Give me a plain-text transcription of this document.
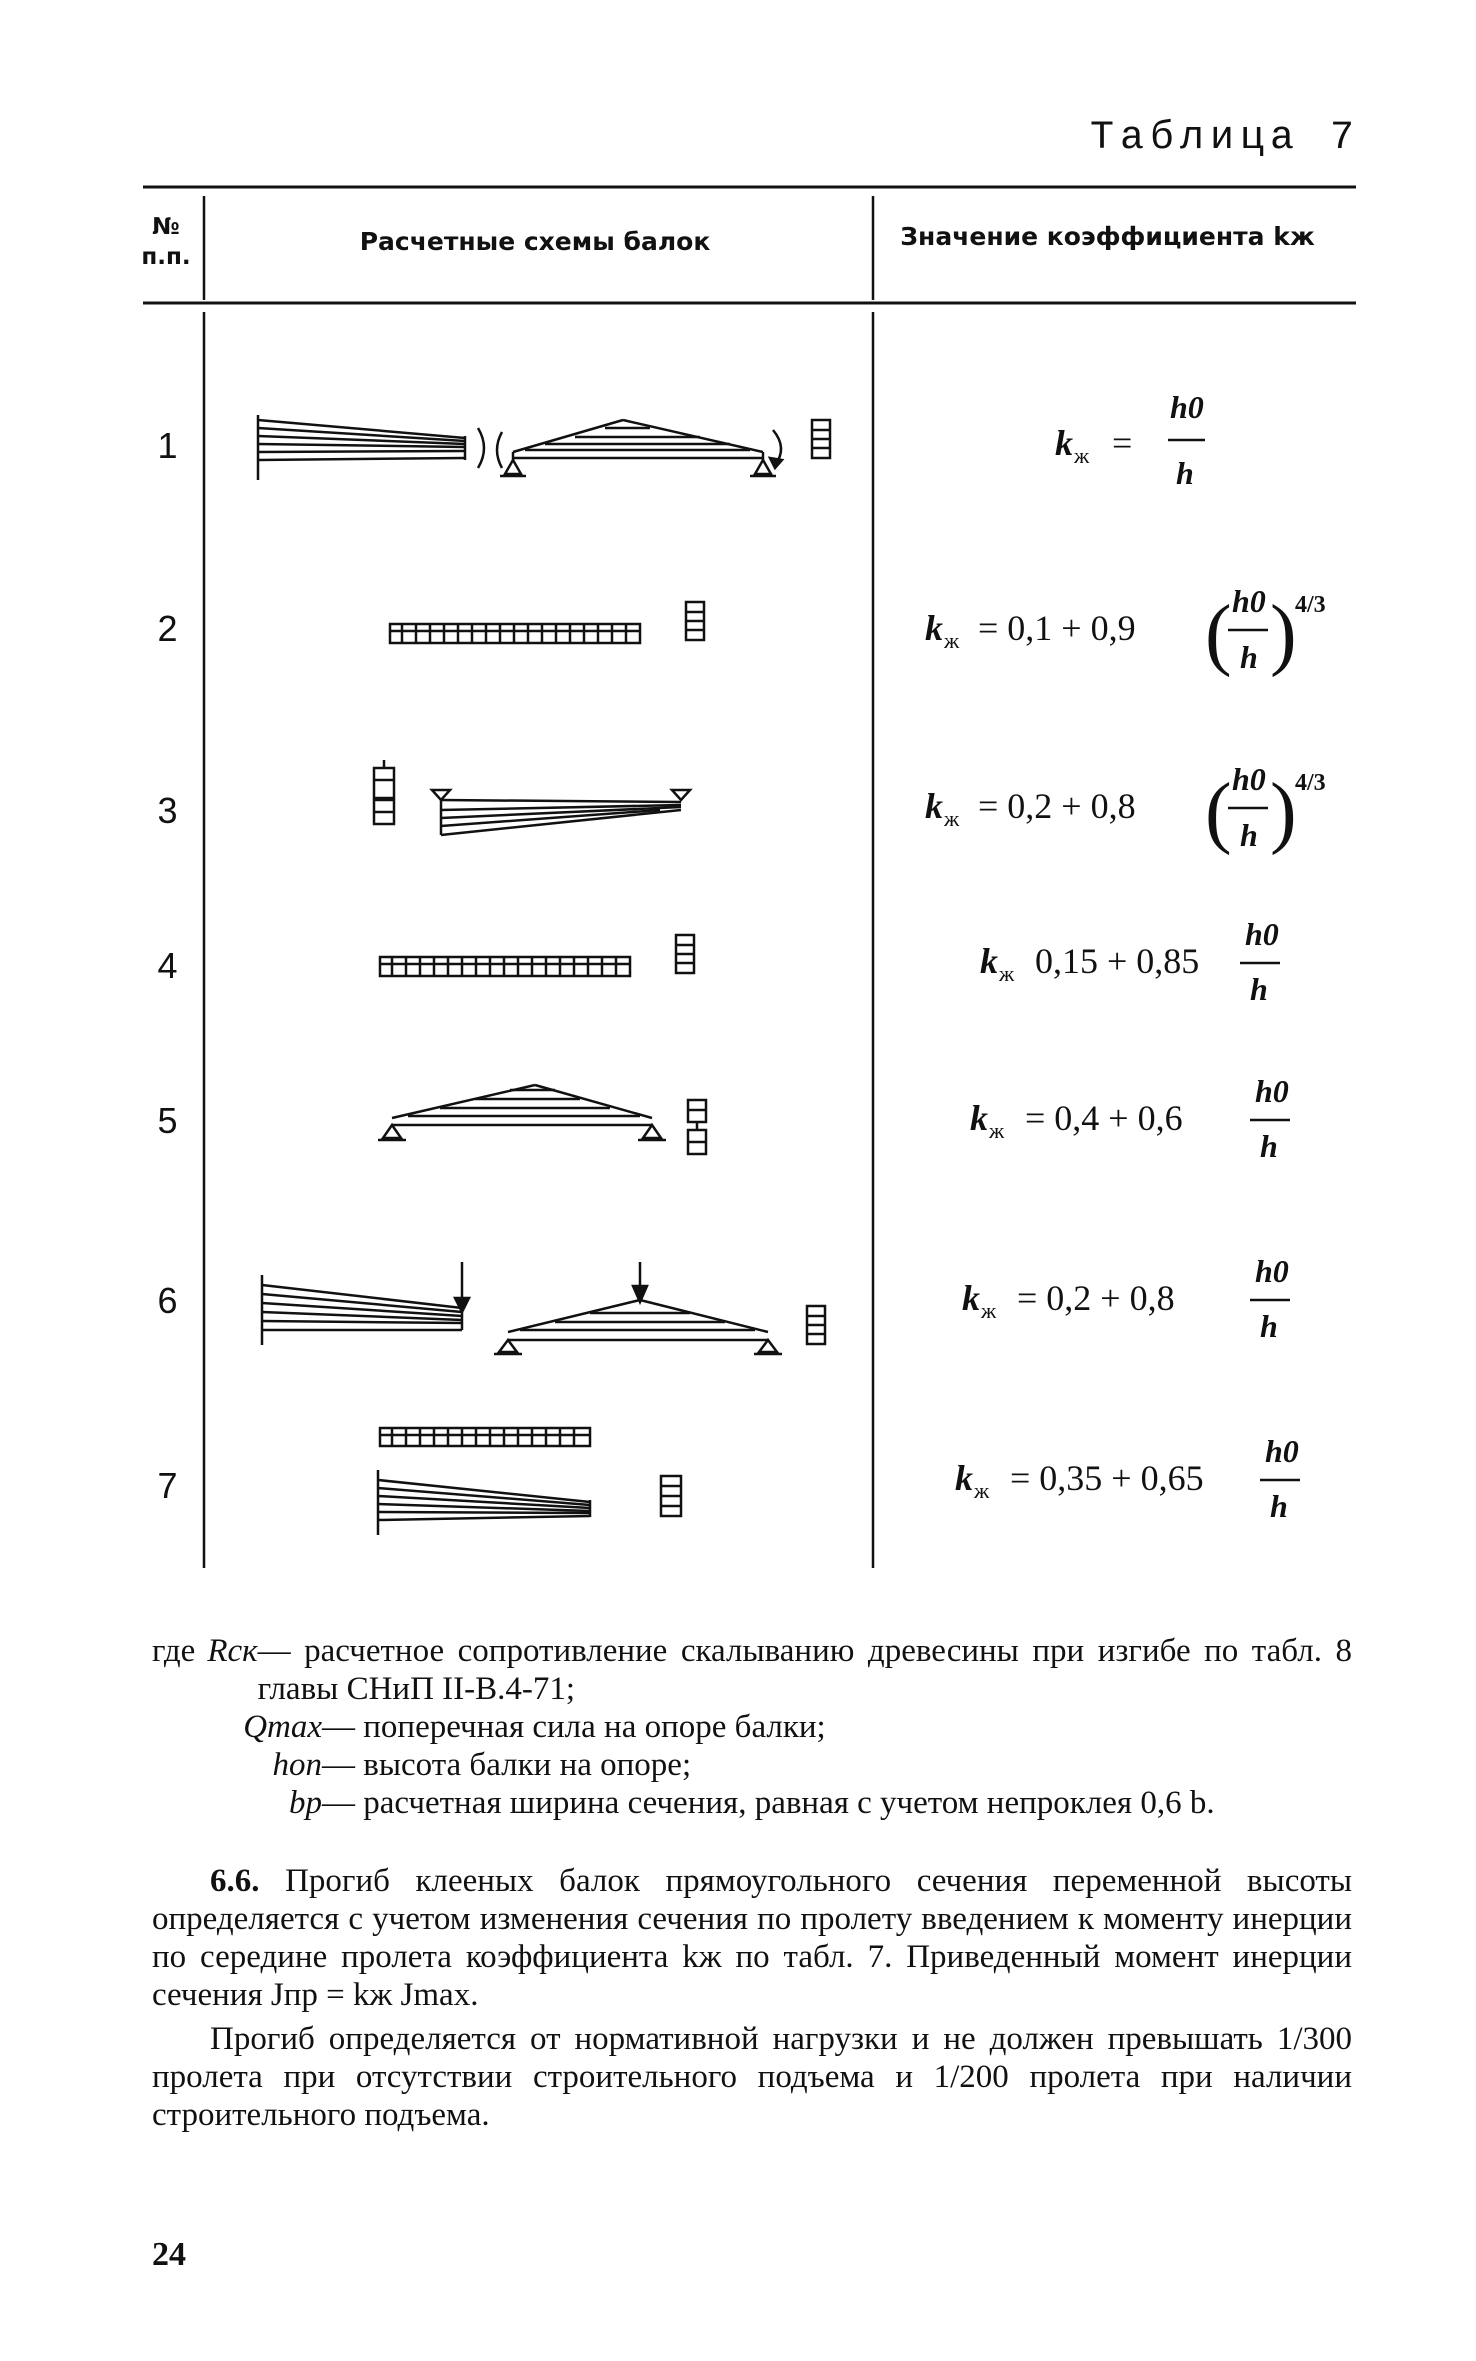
Таблица 7
№
п.п.
Расчетные схемы балок	Значение коэффициента kж
1
2
3
4
5
6
7
k ж =
h0
h
k ж = 0,1 + 0,9 ( h0
h )
4/3
k ж = 0,2 + 0,8 ( h0
h )
4/3
k ж 0,15 + 0,85
h0
h
k ж = 0,4 + 0,6
h0
h
k ж = 0,2 + 0,8
h0
h
k ж = 0,35 + 0,65
h0
h
где Rск — расчетное сопротивление скалыванию древесины при изгибе по табл. 8 главы СНиП II-В.4-71;
Qmax — поперечная сила на опоре балки;
hоп — высота балки на опоре;
bр — расчетная ширина сечения, равная с учетом непроклея 0,6 b.

6.6. Прогиб клееных балок прямоугольного сечения переменной высоты определяется с учетом изменения сечения по пролету введением к моменту инерции по середине пролета коэффициента kж по табл. 7. Приведенный момент инерции сечения Jпр = kж Jmax.

Прогиб определяется от нормативной нагрузки и не должен превышать 1/300 пролета при отсутствии строительного подъема и 1/200 пролета при наличии строительного подъема.

24
